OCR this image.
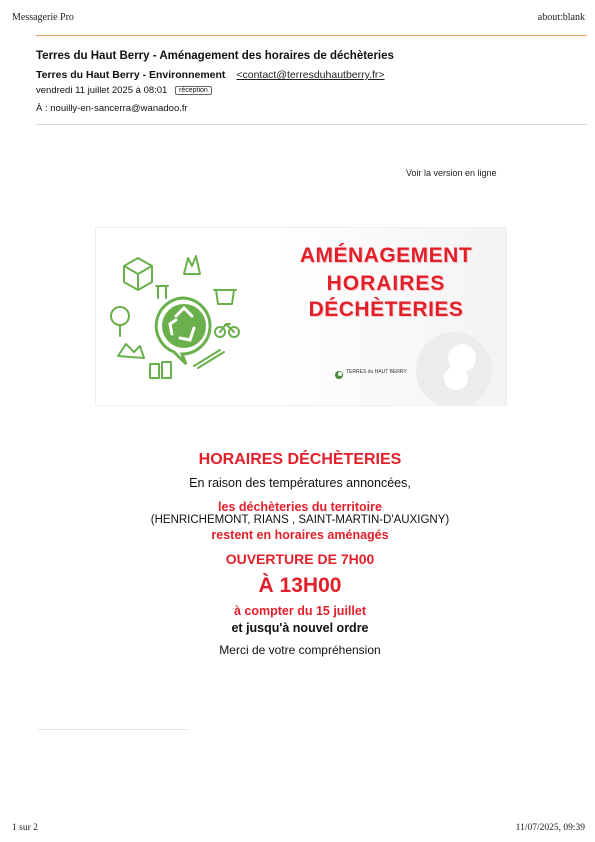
Messagerie Pro	about:blank
Terres du Haut Berry - Aménagement des horaires de déchèteries
Terres du Haut Berry - Environnement <contact@terresduhautberry.fr>
vendredi 11 juillet 2025 à 08:01 réception
À : nouilly-en-sancerra@wanadoo.fr
Voir la version en ligne
AMÉNAGEMENT
HORAIRES
DÉCHÈTERIES
TERRES du HAUT BERRY
HORAIRES DÉCHÈTERIES
En raison des températures annoncées,
les déchèteries du territoire
(HENRICHEMONT, RIANS , SAINT-MARTIN-D'AUXIGNY)
restent en horaires aménagés
OUVERTURE DE 7H00
À 13H00
à compter du 15 juillet
et jusqu'à nouvel ordre
Merci de votre compréhension
1 sur 2	11/07/2025, 09:39
